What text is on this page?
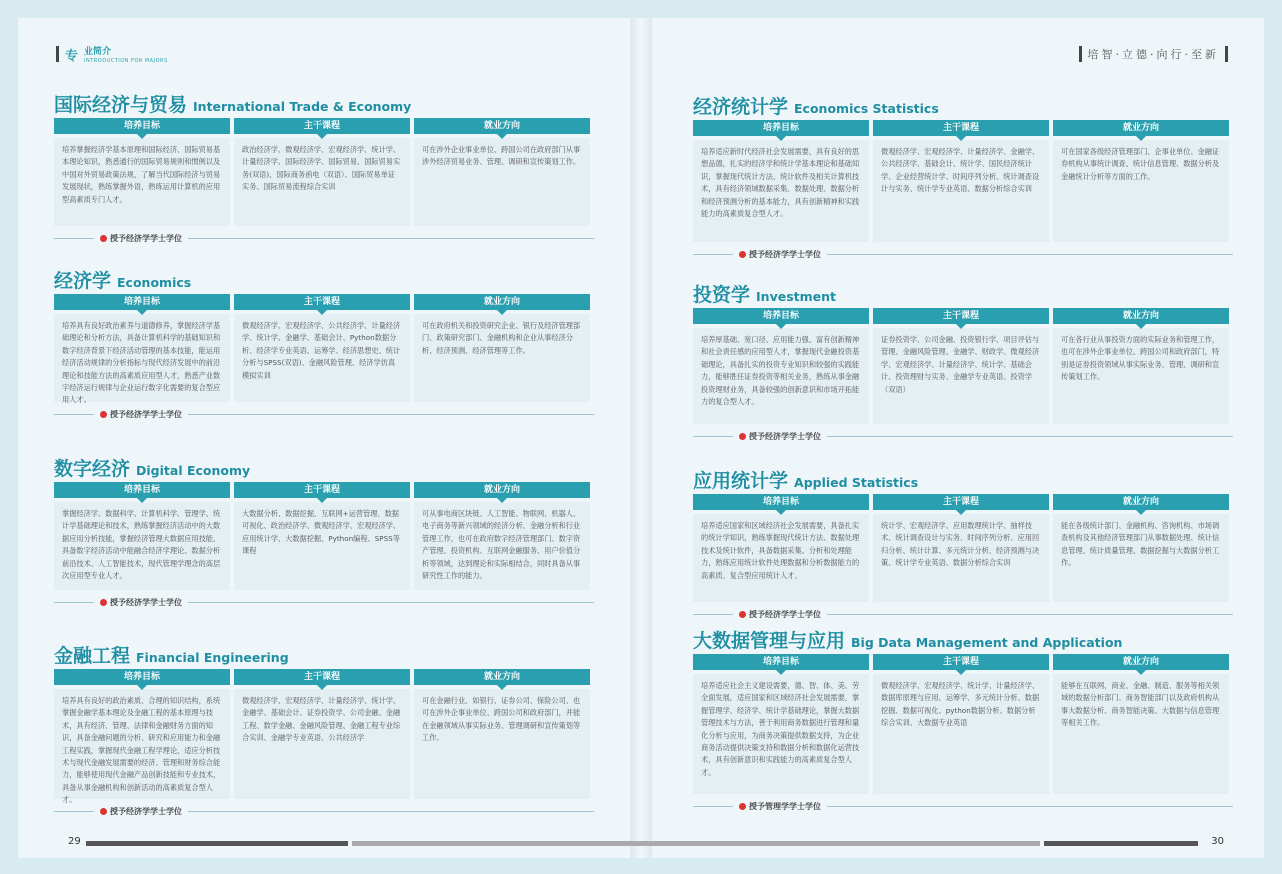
专 业简介
INTRODUCTION FOR MAJORS	培智·立德·向行·至新
国际经济与贸易 International Trade & Economy
培养目标
培养掌握经济学基本原理和国际经济、国际贸易基本理论知识，熟悉通行的国际贸易规则和惯例以及中国对外贸易政策法规，了解当代国际经济与贸易发展现状，熟练掌握外语，熟练运用计算机的应用型高素质专门人才。
主干课程
政治经济学、微观经济学、宏观经济学、统计学、计量经济学、国际经济学、国际贸易、国际贸易实务(双语)、国际商务函电（双语）、国际贸易单证实务、国际贸易流程综合实训
就业方向
可在涉外企业事业单位、跨国公司在政府部门从事涉外经济贸易业务、管理、调研和宣传策划工作。
授予经济学学士学位
经济学 Economics
培养目标
培养具有良好政治素养与道德修养，掌握经济学基础理论和分析方法，具备计算机科学的基础知识和数字经济背景下经济活动管理的基本技能，能运用经济活动规律的分析指标与现代经济发展中的前沿理论和技能方法的高素质应用型人才，熟悉产业数字经济运行规律与企业运行数字化需要的复合型应用人才。
主干课程
微观经济学、宏观经济学、公共经济学、计量经济学、统计学、金融学、基础会计、Python数据分析、经济学专业英语、运筹学、经济思想史、统计分析与SPSS(双语)、金融风险管理、经济学仿真模拟实训
就业方向
可在政府机关和投资研究企业、银行及经济管理部门、政策研究部门、金融机构和企业从事经济分析、经济预测、经济管理等工作。
授予经济学学士学位
数字经济 Digital Economy
培养目标
掌握经济学、数据科学、计算机科学、管理学、统计学基础理论和技术，熟练掌握经济活动中的大数据应用分析技能，掌握经济管理大数据应用技能，具备数字经济活动中能融合经济学理论、数据分析前沿技术、人工智能技术，现代管理学理念的高层次应用型专业人才。
主干课程
大数据分析、数据挖掘、互联网+运营管理、数据可视化、政治经济学、微观经济学、宏观经济学、应用统计学、大数据挖掘、Python编程、SPSS等课程
就业方向
可从事电商区块链、人工智能、物联网、机器人、电子商务等新兴领域的经济分析、金融分析和行业管理工作，也可在政府数字经济管理部门、数字资产管理、投资机构、互联网金融服务、用户价值分析等领域，达到理论和实际相结合，同时具备从事研究性工作的能力。
授予经济学学士学位
金融工程 Financial Engineering
培养目标
培养具有良好的政治素质、合理的知识结构，系统掌握金融学基本理论及金融工程的基本原理与技术，具有经济、管理、法律和金融财务方面的知识，具备金融问题的分析、研究和应用能力和金融工程实践，掌握现代金融工程学理论，适应分析技术与现代金融发展需要的经济、管理和财务综合能力，能够使用现代金融产品创新技能和专业技术，具备从事金融机构和创新活动的高素质复合型人才。
主干课程
微观经济学、宏观经济学、计量经济学、统计学、金融学、基础会计、证券投资学、公司金融、金融工程、数学金融、金融风险管理、金融工程专业综合实训、金融学专业英语、公共经济学
就业方向
可在金融行业、如银行、证券公司、保险公司、也可在涉外企事业单位、跨国公司和政府部门，并能在金融领域从事实际业务、管理调研和宣传策划等工作。
授予经济学学士学位
经济统计学 Economics Statistics
培养目标
培养适应新时代经济社会发展需要，具有良好的思想品德，扎实的经济学和统计学基本理论和基础知识，掌握现代统计方法、统计软件及相关计算机技术，具有经济领域数据采集、数据处理、数据分析和经济预测分析的基本能力，具有创新精神和实践能力的高素质复合型人才。
主干课程
微观经济学、宏观经济学、计量经济学、金融学、公共经济学、基础会计、统计学、国民经济统计学、企业经营统计学、时间序列分析、统计调查设计与实务、统计学专业英语、数据分析综合实训
就业方向
可在国家各级经济管理部门、企事业单位、金融证券机构从事统计调查、统计信息管理、数据分析及金融统计分析等方面的工作。
授予经济学学士学位
投资学 Investment
培养目标
培养厚基础、宽口径、应用能力强、富有创新精神和社会责任感的应用型人才，掌握现代金融投资基础理论，具备扎实的投资专业知识和较强的实践能力，能够胜任证券投资等相关业务，熟练从事金融投资理财业务，具备较强的创新意识和市场开拓能力的复合型人才。
主干课程
证券投资学、公司金融、投资银行学、项目评估与管理、金融风险管理、金融学、财政学、微观经济学、宏观经济学、计量经济学、统计学、基础会计、投资理财与实务、金融学专业英语、投资学（双语）
就业方向
可在各行业从事投资方面的实际业务和管理工作，也可在涉外企事业单位、跨国公司和政府部门，特别是证券投资领域从事实际业务、管理、调研和宣传策划工作。
授予经济学学士学位
应用统计学 Applied Statistics
培养目标
培养适应国家和区域经济社会发展需要，具备扎实的统计学知识，熟练掌握现代统计方法、数据处理技术及统计软件，具备数据采集、分析和处理能力，熟练应用统计软件处理数据和分析数据能力的高素质、复合型应用统计人才。
主干课程
统计学、宏观经济学、应用数理统计学、抽样技术、统计调查设计与实务、时间序列分析、应用回归分析、统计计算、多元统计分析、经济预测与决策、统计学专业英语、数据分析综合实训
就业方向
能在各级统计部门、金融机构、咨询机构、市场调查机构及其他经济管理部门从事数据处理、统计信息管理、统计质量管理、数据挖掘与大数据分析工作。
授予经济学学士学位
大数据管理与应用 Big Data Management and Application
培养目标
培养适应社会主义建设需要，德、智、体、美、劳全面发展，适应国家和区域经济社会发展需要，掌握管理学、经济学、统计学基础理论，掌握大数据管理技术与方法，善于利用商务数据进行管理和量化分析与应用，为商务决策提供数据支持，为企业商务活动提供决策支持和数据分析和数据化运营技术，具有创新意识和实践能力的高素质复合型人才。
主干课程
微观经济学、宏观经济学、统计学、计量经济学、数据库原理与应用、运筹学、多元统计分析、数据挖掘、数据可视化、python数据分析、数据分析综合实训、大数据专业英语
就业方向
能够在互联网、商业、金融、制造、服务等相关领域的数据分析部门、商务智能部门以及政府机构从事大数据分析、商务智能决策、大数据与信息管理等相关工作。
授予管理学学士学位
29	30
